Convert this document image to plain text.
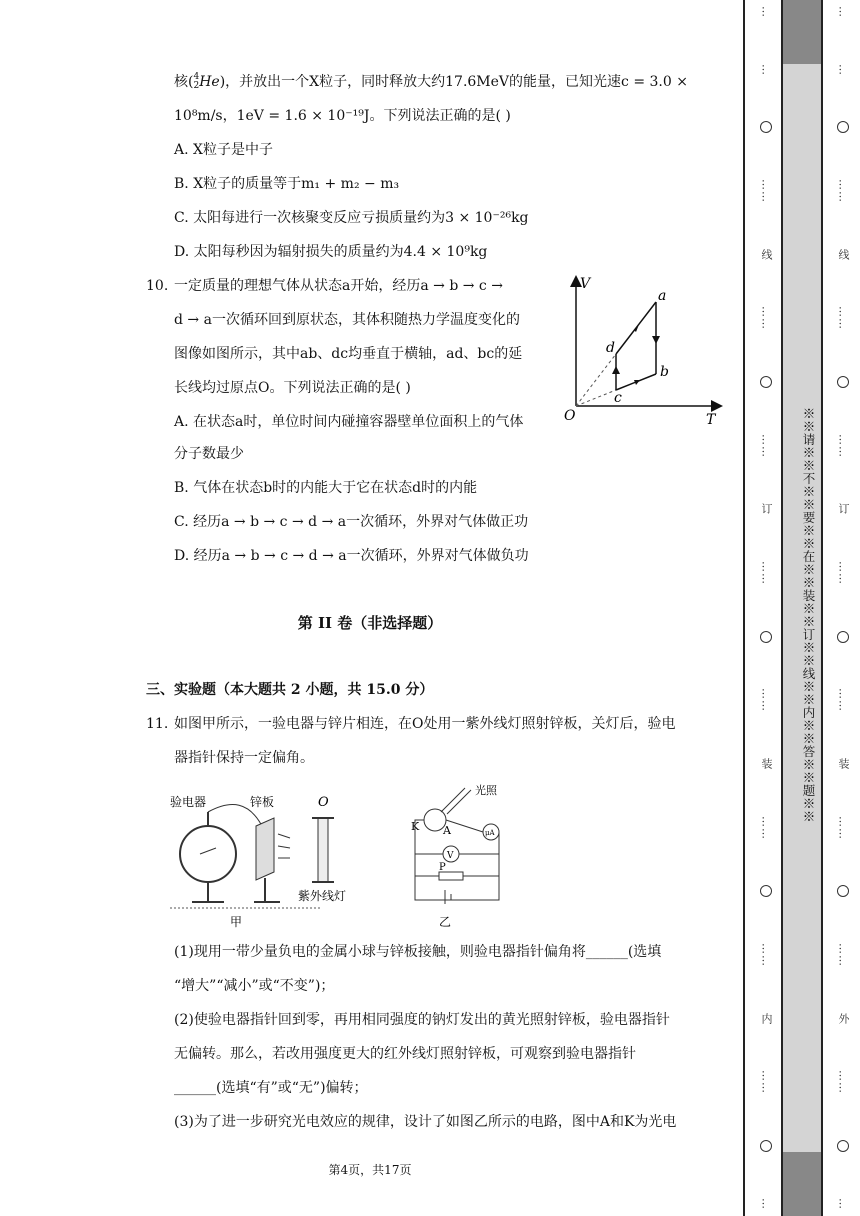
核( 4
2 He)，并放出一个X粒子，同时释放大约17.6MeV的能量，已知光速c = 3.0 ×
10⁸m/s，1eV = 1.6 × 10⁻¹⁹J。下列说法正确的是( )
A. X粒子是中子
B. X粒子的质量等于m₁ + m₂ − m₃
C. 太阳每进行一次核聚变反应亏损质量约为3 × 10⁻²⁶kg
D. 太阳每秒因为辐射损失的质量约为4.4 × 10⁹kg
10. 一定质量的理想气体从状态a开始，经历a → b → c →
d → a一次循环回到原状态，其体积随热力学温度变化的
图像如图所示，其中ab、dc均垂直于横轴，ad、bc的延
长线均过原点O。下列说法正确的是( )
A. 在状态a时，单位时间内碰撞容器壁单位面积上的气体
分子数最少
B. 气体在状态b时的内能大于它在状态d时的内能
C. 经历a → b → c → d → a一次循环，外界对气体做正功
D. 经历a → b → c → d → a一次循环，外界对气体做负功
V
T
O
a
b
c
d
第 II 卷（非选择题）
三、实验题（本大题共 2 小题，共 15.0 分）
11. 如图甲所示，一验电器与锌片相连，在O处用一紫外线灯照射锌板，关灯后，验电
器指针保持一定偏角。
验电器	锌板	O
紫外线灯
甲
光照
K A	μA
V
P
乙
(1)现用一带少量负电的金属小球与锌板接触，则验电器指针偏角将______(选填
“增大”“减小”或“不变”)；
(2)使验电器指针回到零，再用相同强度的钠灯发出的黄光照射锌板，验电器指针
无偏转。那么，若改用强度更大的红外线灯照射锌板，可观察到验电器指针
______(选填“有”或“无”)偏转；
(3)为了进一步研究光电效应的规律，设计了如图乙所示的电路，图中A和K为光电
第4页，共17页
…
…
……
线
……
……
订
……
……
装
……
……
内
……
…
※※请※※不※※要※※在※※装※※订※※线※※内※※答※※题※※
…
…
……
线
……
……
订
……
……
装
……
……
外
……
…
